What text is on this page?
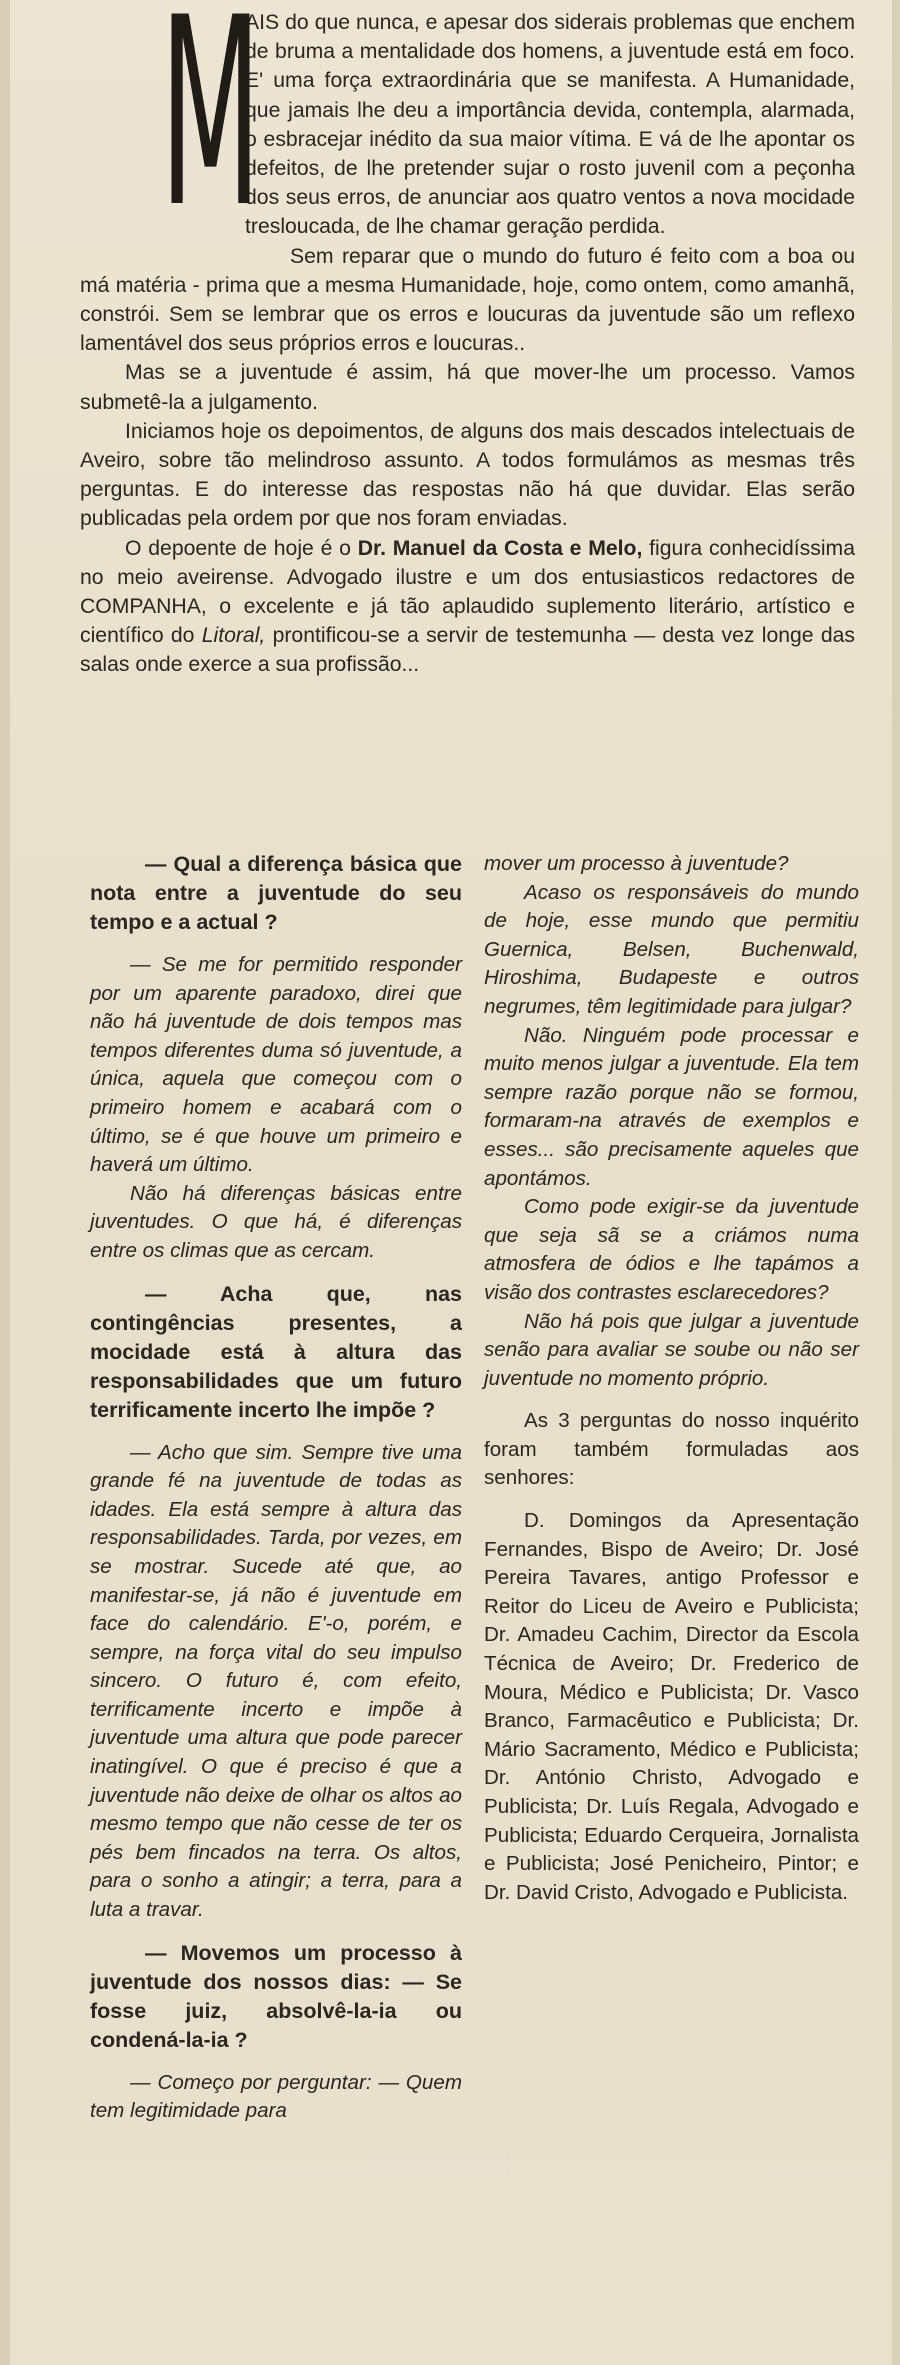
M

AIS do que nunca, e apesar dos siderais problemas que enchem de bruma a mentalidade dos homens, a juventude está em foco. E' uma força extraordinária que se manifesta. A Humanidade, que jamais lhe deu a importância devida, contempla, alarmada, o esbracejar inédito da sua maior vítima. E vá de lhe apontar os defeitos, de lhe pretender sujar o rosto juvenil com a peçonha dos seus erros, de anunciar aos quatro ventos a nova mocidade tresloucada, de lhe chamar geração perdida.

Sem reparar que o mundo do futuro é feito com a boa ou má matéria - prima que a mesma Humanidade, hoje, como ontem, como amanhã, constrói. Sem se lembrar que os erros e loucuras da juventude são um reflexo lamentável dos seus próprios erros e loucuras..

Mas se a juventude é assim, há que mover-lhe um processo. Vamos submetê-la a julgamento.

Iniciamos hoje os depoimentos, de alguns dos mais descados intelectuais de Aveiro, sobre tão melindroso assunto. A todos formulámos as mesmas três perguntas. E do interesse das respostas não há que duvidar. Elas serão publicadas pela ordem por que nos foram enviadas.

O depoente de hoje é o Dr. Manuel da Costa e Melo, figura conhecidíssima no meio aveirense. Advogado ilustre e um dos entusiasticos redactores de COMPANHA, o excelente e já tão aplaudido suplemento literário, artístico e científico do Litoral, prontificou-se a servir de testemunha — desta vez longe das salas onde exerce a sua profissão...

— Qual a diferença básica que nota entre a juventude do seu tempo e a actual ?

— Se me for permitido responder por um aparente paradoxo, direi que não há juventude de dois tempos mas tempos diferentes duma só juventude, a única, aquela que começou com o primeiro homem e acabará com o último, se é que houve um primeiro e haverá um último.

Não há diferenças básicas entre juventudes. O que há, é diferenças entre os climas que as cercam.

— Acha que, nas contingências presentes, a mocidade está à altura das responsabilidades que um futuro terrificamente incerto lhe impõe ?

— Acho que sim. Sempre tive uma grande fé na juventude de todas as idades. Ela está sempre à altura das responsabilidades. Tarda, por vezes, em se mostrar. Sucede até que, ao manifestar-se, já não é juventude em face do calendário. E'-o, porém, e sempre, na força vital do seu impulso sincero. O futuro é, com efeito, terrificamente incerto e impõe à juventude uma altura que pode parecer inatingível. O que é preciso é que a juventude não deixe de olhar os altos ao mesmo tempo que não cesse de ter os pés bem fincados na terra. Os altos, para o sonho a atingir; a terra, para a luta a travar.

— Movemos um processo à juventude dos nossos dias: — Se fosse juiz, absolvê-la-ia ou condená-la-ia ?

— Começo por perguntar: — Quem tem legitimidade para

mover um processo à juventude?

Acaso os responsáveis do mundo de hoje, esse mundo que permitiu Guernica, Belsen, Buchenwald, Hiroshima, Budapeste e outros negrumes, têm legitimidade para julgar?

Não. Ninguém pode processar e muito menos julgar a juventude. Ela tem sempre razão porque não se formou, formaram-na através de exemplos e esses... são precisamente aqueles que apontámos.

Como pode exigir-se da juventude que seja sã se a criámos numa atmosfera de ódios e lhe tapámos a visão dos contrastes esclarecedores?

Não há pois que julgar a juventude senão para avaliar se soube ou não ser juventude no momento próprio.

As 3 perguntas do nosso inquérito foram também formuladas aos senhores:

D. Domingos da Apresentação Fernandes, Bispo de Aveiro; Dr. José Pereira Tavares, antigo Professor e Reitor do Liceu de Aveiro e Publicista; Dr. Amadeu Cachim, Director da Escola Técnica de Aveiro; Dr. Frederico de Moura, Médico e Publicista; Dr. Vasco Branco, Farmacêutico e Publicista; Dr. Mário Sacramento, Médico e Publicista; Dr. António Christo, Advogado e Publicista; Dr. Luís Regala, Advogado e Publicista; Eduardo Cerqueira, Jornalista e Publicista; José Penicheiro, Pintor; e Dr. David Cristo, Advogado e Publicista.
